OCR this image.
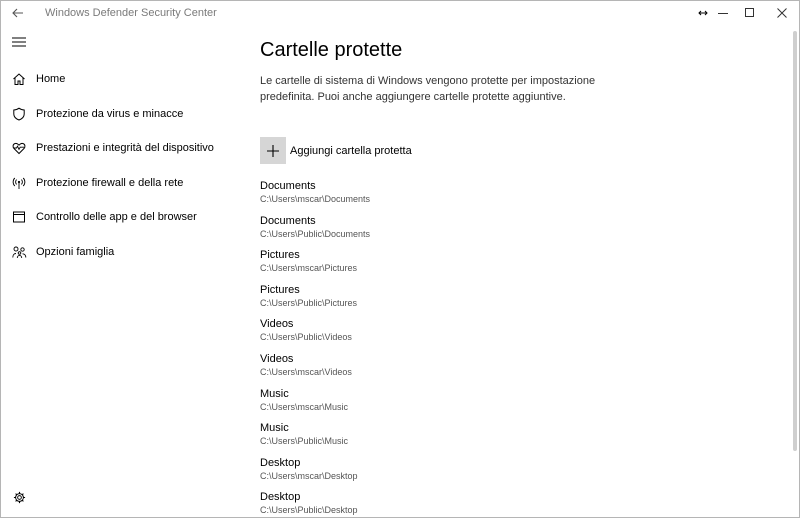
Windows Defender Security Center
Home
Protezione da virus e minacce
Prestazioni e integrità del dispositivo
Protezione firewall e della rete
Controllo delle app e del browser
Opzioni famiglia
Cartelle protette

Le cartelle di sistema di Windows vengono protette per impostazione predefinita. Puoi anche aggiungere cartelle protette aggiuntive.

Aggiungi cartella protetta
Documents
C:\Users\mscar\Documents
Documents
C:\Users\Public\Documents
Pictures
C:\Users\mscar\Pictures
Pictures
C:\Users\Public\Pictures
Videos
C:\Users\Public\Videos
Videos
C:\Users\mscar\Videos
Music
C:\Users\mscar\Music
Music
C:\Users\Public\Music
Desktop
C:\Users\mscar\Desktop
Desktop
C:\Users\Public\Desktop
